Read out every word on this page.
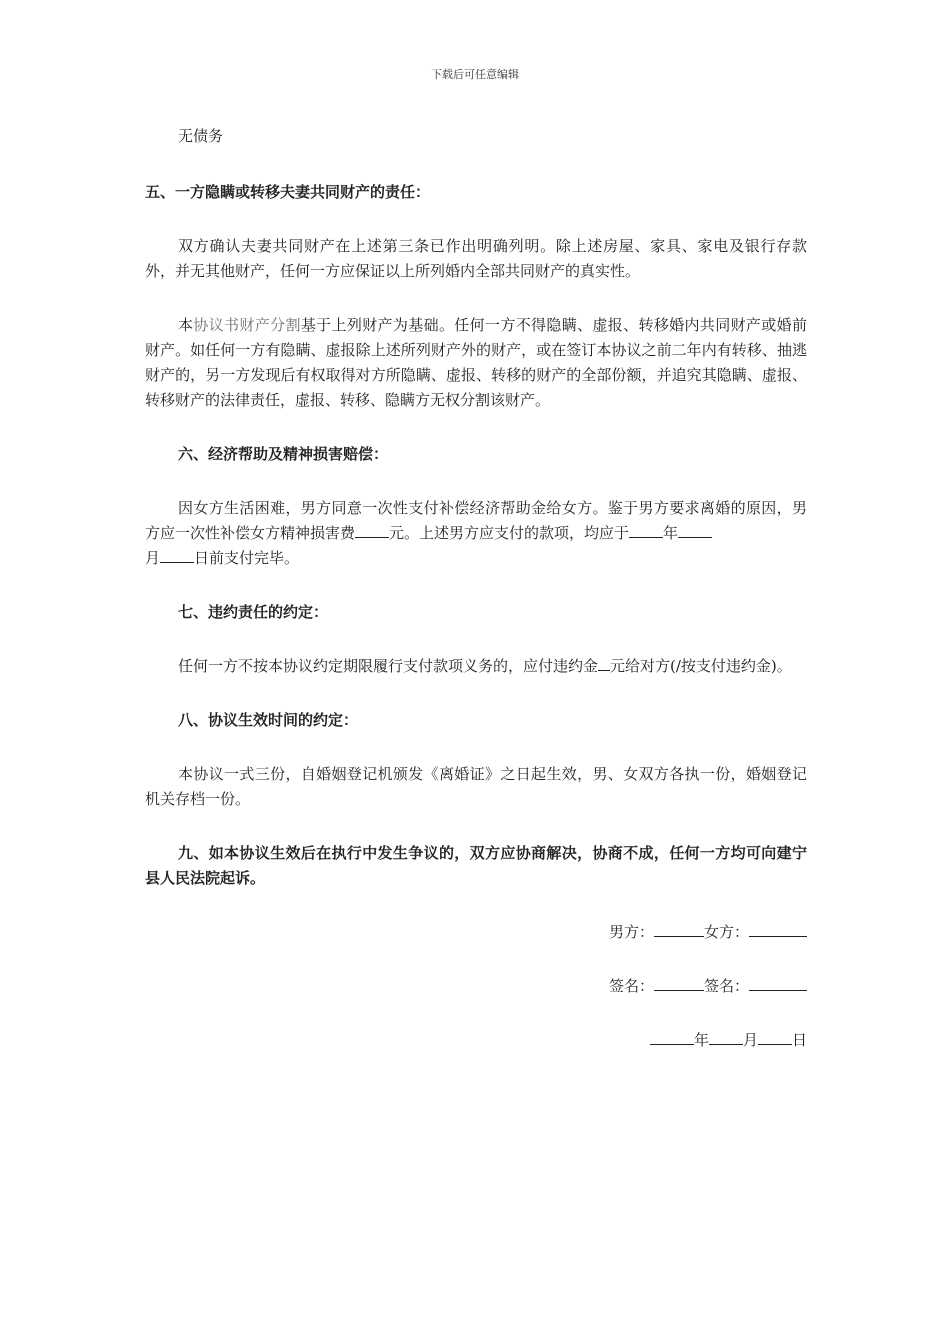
下载后可任意编辑

无债务

五、一方隐瞒或转移夫妻共同财产的责任：

双方确认夫妻共同财产在上述第三条已作出明确列明。除上述房屋、家具、家电及银行存款外，并无其他财产，任何一方应保证以上所列婚内全部共同财产的真实性。

本协议书财产分割基于上列财产为基础。任何一方不得隐瞒、虚报、转移婚内共同财产或婚前财产。如任何一方有隐瞒、虚报除上述所列财产外的财产，或在签订本协议之前二年内有转移、抽逃财产的，另一方发现后有权取得对方所隐瞒、虚报、转移的财产的全部份额，并追究其隐瞒、虚报、转移财产的法律责任，虚报、转移、隐瞒方无权分割该财产。

六、经济帮助及精神损害赔偿：

因女方生活困难，男方同意一次性支付补偿经济帮助金给女方。鉴于男方要求离婚的原因，男方应一次性补偿女方精神损害费 元。上述男方应支付的款项，均应于 年
月 日前支付完毕。

七、违约责任的约定：

任何一方不按本协议约定期限履行支付款项义务的，应付违约金 元给对方(/按支付违约金)。

八、协议生效时间的约定：

本协议一式三份，自婚姻登记机颁发《离婚证》之日起生效，男、女双方各执一份，婚姻登记机关存档一份。

九、如本协议生效后在执行中发生争议的，双方应协商解决，协商不成，任何一方均可向建宁县人民法院起诉。

男方：	女方：

签名：	签名：

年 月 日
